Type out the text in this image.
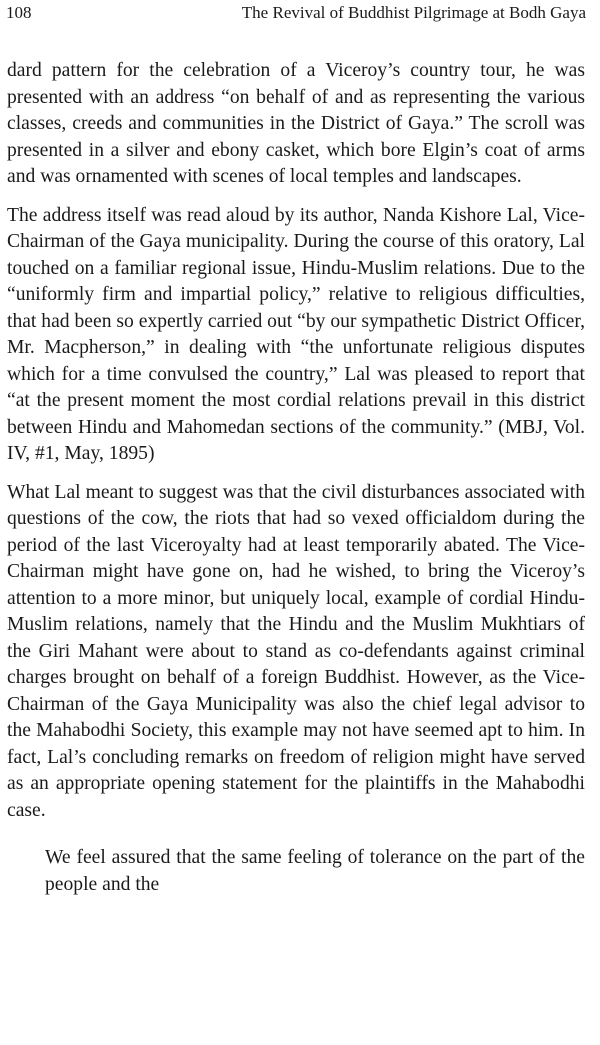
108	The Revival of Buddhist Pilgrimage at Bodh Gaya

dard pattern for the celebration of a Viceroy’s country tour, he was presented with an address “on behalf of and as representing the various classes, creeds and communities in the District of Gaya.” The scroll was presented in a silver and ebony casket, which bore Elgin’s coat of arms and was ornamented with scenes of local temples and landscapes.

The address itself was read aloud by its author, Nanda Kishore Lal, Vice-Chairman of the Gaya municipality. During the course of this oratory, Lal touched on a familiar regional issue, Hindu-Muslim relations. Due to the “uniformly firm and impartial policy,” relative to religious difficulties, that had been so expertly carried out “by our sympathetic District Officer, Mr. Macpherson,” in dealing with “the unfortunate religious disputes which for a time convulsed the country,” Lal was pleased to report that “at the present moment the most cordial relations prevail in this district between Hindu and Mahomedan sections of the community.” (MBJ, Vol. IV, #1, May, 1895)

What Lal meant to suggest was that the civil disturbances associated with questions of the cow, the riots that had so vexed officialdom during the period of the last Viceroyalty had at least temporarily abated. The Vice-Chairman might have gone on, had he wished, to bring the Viceroy’s attention to a more minor, but uniquely local, example of cordial Hindu-Muslim relations, namely that the Hindu and the Muslim Mukhtiars of the Giri Mahant were about to stand as co-defendants against criminal charges brought on behalf of a foreign Buddhist. However, as the Vice-Chairman of the Gaya Municipality was also the chief legal advisor to the Mahabodhi Society, this example may not have seemed apt to him. In fact, Lal’s concluding remarks on freedom of religion might have served as an appropriate opening statement for the plaintiffs in the Mahabodhi case.

We feel assured that the same feeling of tolerance on the part of the people and the
